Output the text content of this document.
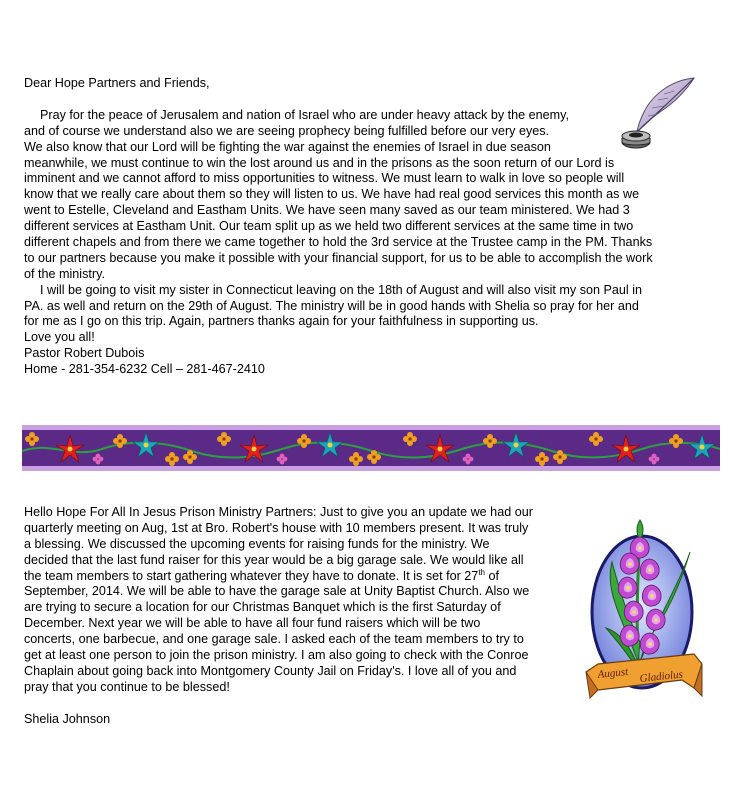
Dear Hope Partners and Friends,
Pray for the peace of Jerusalem and nation of Israel who are under heavy attack by the enemy,
and of course we understand also we are seeing prophecy being fulfilled before our very eyes.
We also know that our Lord will be fighting the war against the enemies of Israel in due season
meanwhile, we must continue to win the lost around us and in the prisons as the soon return of our Lord is
imminent and we cannot afford to miss opportunities to witness. We must learn to walk in love so people will
know that we really care about them so they will listen to us. We have had real good services this month as we
went to Estelle, Cleveland and Eastham Units. We have seen many saved as our team ministered. We had 3
different services at Eastham Unit. Our team split up as we held two different services at the same time in two
different chapels and from there we came together to hold the 3rd service at the Trustee camp in the PM. Thanks
to our partners because you make it possible with your financial support, for us to be able to accomplish the work
of the ministry.
I will be going to visit my sister in Connecticut leaving on the 18th of August and will also visit my son Paul in
PA. as well and return on the 29th of August. The ministry will be in good hands with Shelia so pray for her and
for me as I go on this trip. Again, partners thanks again for your faithfulness in supporting us.
Love you all!
Pastor Robert Dubois
Home - 281-354-6232 Cell – 281-467-2410
Hello Hope For All In Jesus Prison Ministry Partners: Just to give you an update we had our
quarterly meeting on Aug, 1st at Bro. Robert's house with 10 members present. It was truly
a blessing. We discussed the upcoming events for raising funds for the ministry. We
decided that the last fund raiser for this year would be a big garage sale. We would like all
the team members to start gathering whatever they have to donate. It is set for 27th of
September, 2014. We will be able to have the garage sale at Unity Baptist Church. Also we
are trying to secure a location for our Christmas Banquet which is the first Saturday of
December. Next year we will be able to have all four fund raisers which will be two
concerts, one barbecue, and one garage sale. I asked each of the team members to try to
get at least one person to join the prison ministry. I am also going to check with the Conroe
Chaplain about going back into Montgomery County Jail on Friday's. I love all of you and
pray that you continue to be blessed!
Shelia Johnson
August Gladiolus
